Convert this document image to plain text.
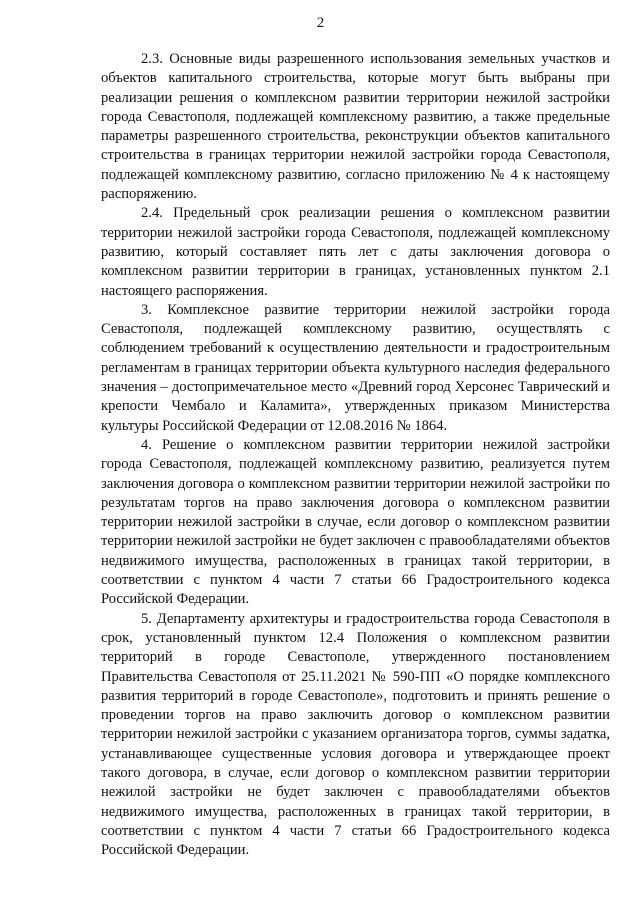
2

2.3. Основные виды разрешенного использования земельных участков и объектов капитального строительства, которые могут быть выбраны при реализации решения о комплексном развитии территории нежилой застройки города Севастополя, подлежащей комплексному развитию, а также предельные параметры разрешенного строительства, реконструкции объектов капитального строительства в границах территории нежилой застройки города Севастополя, подлежащей комплексному развитию, согласно приложению № 4 к настоящему распоряжению.

2.4. Предельный срок реализации решения о комплексном развитии территории нежилой застройки города Севастополя, подлежащей комплексному развитию, который составляет пять лет с даты заключения договора о комплексном развитии территории в границах, установленных пунктом 2.1 настоящего распоряжения.

3. Комплексное развитие территории нежилой застройки города Севастополя, подлежащей комплексному развитию, осуществлять с соблюдением требований к осуществлению деятельности и градостроительным регламентам в границах территории объекта культурного наследия федерального значения – достопримечательное место «Древний город Херсонес Таврический и крепости Чембало и Каламита», утвержденных приказом Министерства культуры Российской Федерации от 12.08.2016 № 1864.

4. Решение о комплексном развитии территории нежилой застройки города Севастополя, подлежащей комплексному развитию, реализуется путем заключения договора о комплексном развитии территории нежилой застройки по результатам торгов на право заключения договора о комплексном развитии территории нежилой застройки в случае, если договор о комплексном развитии территории нежилой застройки не будет заключен с правообладателями объектов недвижимого имущества, расположенных в границах такой территории, в соответствии с пунктом 4 части 7 статьи 66 Градостроительного кодекса Российской Федерации.

5. Департаменту архитектуры и градостроительства города Севастополя в срок, установленный пунктом 12.4 Положения о комплексном развитии территорий в городе Севастополе, утвержденного постановлением Правительства Севастополя от 25.11.2021 № 590-ПП «О порядке комплексного развития территорий в городе Севастополе», подготовить и принять решение о проведении торгов на право заключить договор о комплексном развитии территории нежилой застройки с указанием организатора торгов, суммы задатка, устанавливающее существенные условия договора и утверждающее проект такого договора, в случае, если договор о комплексном развитии территории нежилой застройки не будет заключен с правообладателями объектов недвижимого имущества, расположенных в границах такой территории, в соответствии с пунктом 4 части 7 статьи 66 Градостроительного кодекса Российской Федерации.
